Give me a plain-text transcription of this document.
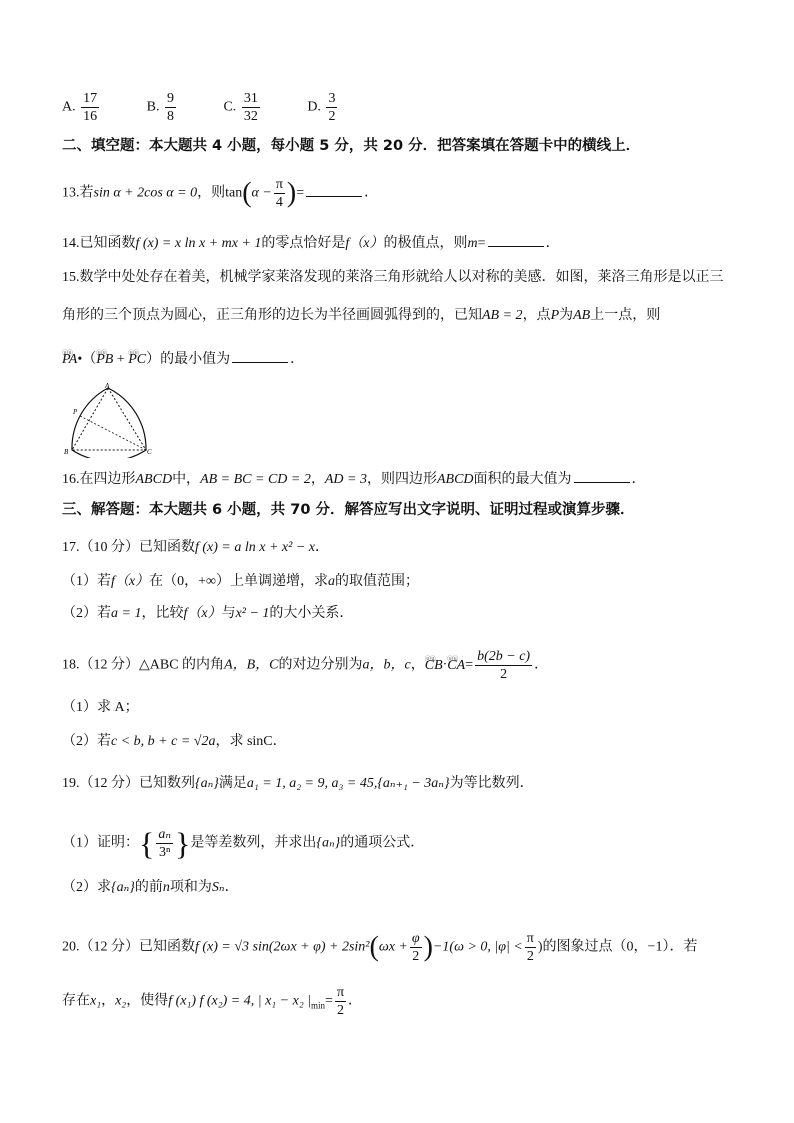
A. $\frac{17}{16}$	B. $\frac{9}{8}$	C. $\frac{31}{32}$	D. $\frac{3}{2}$
二、填空题：本大题共 4 小题，每小题 5 分，共 20 分．把答案填在答题卡中的横线上．
13.若sin α + 2cos α = 0，则$\tan(\alpha - \frac{\pi}{4}$ )=	．
14.已知函数f (x) = x ln x + mx + 1的零点恰好是f（x）的极值点，则m=	．
15.数学中处处存在着美，机械学家莱洛发现的莱洛三角形就给人以对称的美感．如图，莱洛三角形是以正三
角形的三个顶点为圆心，正三角形的边长为半径画圆弧得到的，已知AB = 2，点P为AB上一点，则
ⓤⓤ PA•（ⓤⓤ PB + ⓤⓤ PC）的最小值为	．
A
B	C
P
16.在四边形ABCD中，AB = BC = CD = 2，AD = 3，则四边形ABCD面积的最大值为	．
三、解答题：本大题共 6 小题，共 70 分．解答应写出文字说明、证明过程或演算步骤．
17.（10 分）已知函数f (x) = a ln x + x² − x．
（1）若f（x）在（0，+∞）上单调递增，求a的取值范围；
（2）若a = 1，比较f（x）与x² − 1的大小关系．
18.（12 分）△ABC 的内角A，B，C的对边分别为a，b，c，ⓤⓤ CB·ⓤⓤ $CA= \frac{b(2b - c)}{2}$ ．
（1）求 A；
（2）若c < b, b + c = √2a，求 sinC．
19.（12 分）已知数列{aₙ}满足a₁ = 1, a₂ = 9, a₃ = 45,{aₙ₊₁ − 3aₙ}为等比数列．
（1）证明：{ $\frac{\text{aₙ}}{\text{3ⁿ}}$ }是等差数列，并求出{aₙ}的通项公式．
（2）求{aₙ}的前n项和为Sₙ．
20.（12 分）已知函数f (x) = √3 $\sin(2\omega x + \varphi) + 2\sin^2(\omega x + \frac{\varphi}{2} )-1(\omega > 0$, $|\varphi| < \frac{\pi}{2}$ )的图象过点（0，−1）．若
存在x₁，x₂，使得f (x₁) f (x₂) = 4, | x₁ − x₂ $|_{min}= \frac{\pi}{2}$ ．
